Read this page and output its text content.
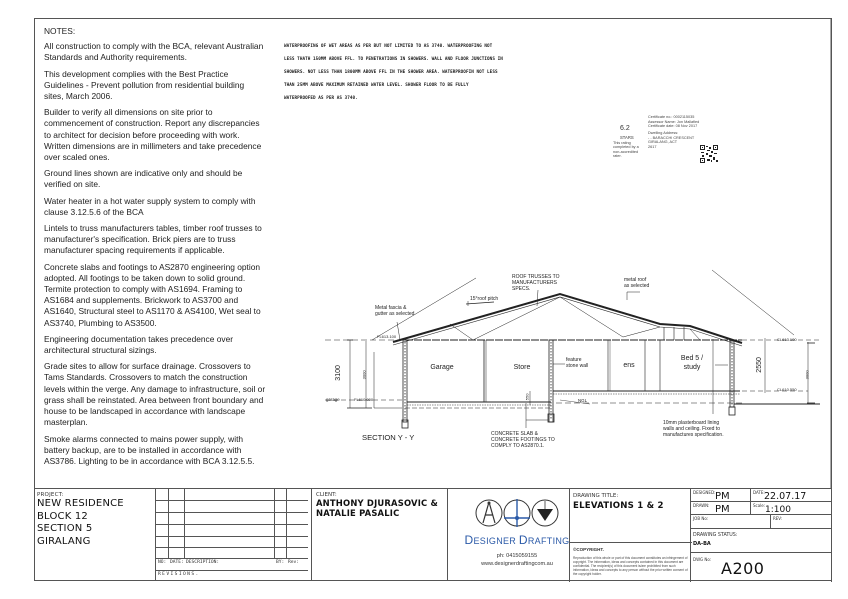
NOTES:

All construction to comply with the BCA, relevant Australian Standards and Authority requirements.

This development complies with the Best Practice Guidelines - Prevent pollution from residential building sites, March 2006.

Builder to verify all dimensions on site prior to commencement of construction. Report any discrepancies to architect for decision before proceeding with work. Written dimensions are in millimeters and take precedence over scaled ones.

Ground lines shown are indicative only and should be verified on site.

Water heater in a hot water supply system to comply with clause 3.12.5.6 of the BCA

Lintels to truss manufacturers tables, timber roof trusses to manufacturer's specification. Brick piers are to truss manufacturer spacing requirements if applicable.

Concrete slabs and footings to AS2870 engineering option adopted. All footings to be taken down to solid ground. Termite protection to comply with AS1694. Framing to AS1684 and supplements. Brickwork to AS3700 and AS1640, Structural steel to AS1170 & AS4100, Wet seal to AS3740, Plumbing to AS3500.

Engineering documentation takes precedence over architectural structural sizings.

Grade sites to allow for surface drainage. Crossovers to Tams Standards. Crossovers to match the construction levels within the verge. Any damage to infrastructure, soil or grass shall be reinstated. Area between front boundary and house to be landscaped in accordance with landscape masterplan.

Smoke alarms connected to mains power supply, with battery backup, are to be installed in accordance with AS3786. Lighting to be in accordance with BCA 3.12.5.5.

WATERPROOFING OF WET AREAS AS PER BUT NOT LIMITED TO AS 3740. WATERPROOFING NOT
LESS THATH 150MM ABOVE FFL. TO PENETRATIONS IN SHOWERS. WALL AND FLOOR JUNCTIONS IN
SHOWERS. NOT LESS THAN 1800MM ABOVE FFL IN THE SHOWER AREA. WATERPROOFIN NOT LESS
THAN 25MM ABOVE MAXIMUM RETAINED WATER LEVEL. SHOWER FLOOR TO BE FULLY
WATERPROOFED AS PER AS 3740.
6.2
STARS
This rating completed by a non-accredited rater.
Certificate no.: 0002115035
Assessor Name: Jon Mallafied
Certificate date: 08 Nov 2017
Dwelling Address:
- - BARACCHI CRESCENT
GIRALANG, ACT
2617
Garage	Store	ens
Bed 5 /
study
ROOF TRUSSES TO
MANUFACTURERS
SPECS.
metal roof
as selected
Metal fascia &
gutter as selected
15°roof pitch
feature
stone wall
CONCRETE SLAB &
CONCRETE FOOTINGS TO
COMPLY TO AS2870.1.
10mm plasterboard lining
walls and ceiling. Fixed to
manufactures specification.
NGL
garage
FL613.100
FL610.000
CL613.100
CL610.550
3100	3000
2550
3000
550
SECTION Y - Y
PROJECT:
NEW RESIDENCE
BLOCK 12
SECTION 5
GIRALANG
NO: DATE: DESCRIPTION:	BY: Rev:
REVISIONS.
CLIENT:
ANTHONY DJURASOVIC &
NATALIE PASALIC
DESIGNER DRAFTING
ph: 0415059155
www.designerdraftingcom.au
DRAWING TITLE:
ELEVATIONS 1 & 2
©COPYRIGHT.
Reproduction of this whole or part of this document constitutes an infringement of copyright. The information, ideas and concepts contained in this document are confidential. The recipient(s) of this document is/are prohibited from such information, ideas and concepts to any person without the prior written consent of the copyright holder.
DESIGNED: PM	DATE: 22.07.17
DRAWN: PM	Scale: 1:100
JOB No:	REV:
DRAWING STATUS:
DA-BA
DWG No: A200
